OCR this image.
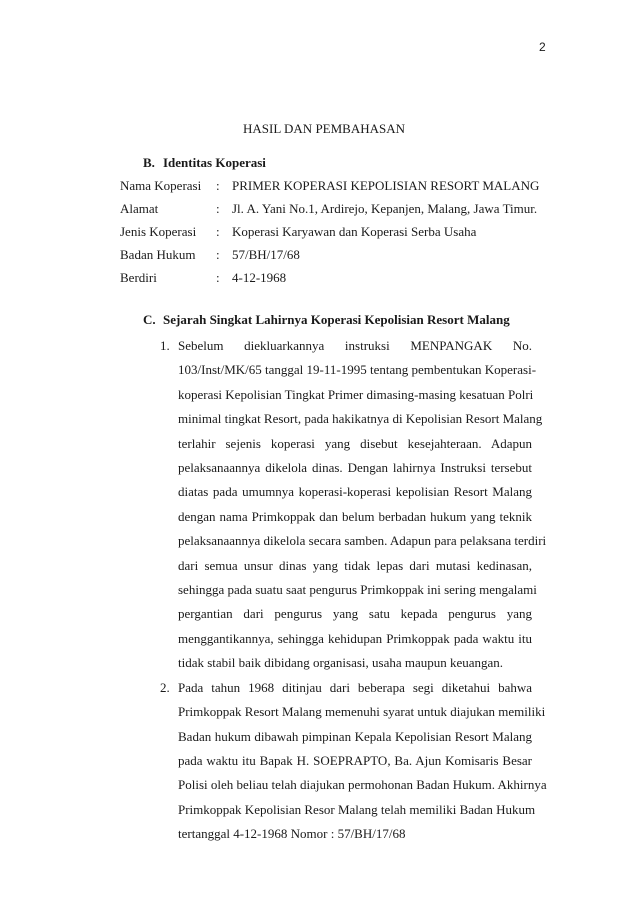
2
HASIL DAN PEMBAHASAN
B. Identitas Koperasi
Nama Koperasi : PRIMER KOPERASI KEPOLISIAN RESORT MALANG
Alamat	: Jl. A. Yani No.1, Ardirejo, Kepanjen, Malang, Jawa Timur.
Jenis Koperasi : Koperasi Karyawan dan Koperasi Serba Usaha
Badan Hukum : 57/BH/17/68
Berdiri	: 4-12-1968
C. Sejarah Singkat Lahirnya Koperasi Kepolisian Resort Malang
1. Sebelum diekluarkannya instruksi MENPANGAK No.
103/Inst/MK/65 tanggal 19-11-1995 tentang pembentukan Koperasi-
koperasi Kepolisian Tingkat Primer dimasing-masing kesatuan Polri
minimal tingkat Resort, pada hakikatnya di Kepolisian Resort Malang
terlahir sejenis koperasi yang disebut kesejahteraan. Adapun
pelaksanaannya dikelola dinas. Dengan lahirnya Instruksi tersebut
diatas pada umumnya koperasi-koperasi kepolisian Resort Malang
dengan nama Primkoppak dan belum berbadan hukum yang teknik
pelaksanaannya dikelola secara samben. Adapun para pelaksana terdiri
dari semua unsur dinas yang tidak lepas dari mutasi kedinasan,
sehingga pada suatu saat pengurus Primkoppak ini sering mengalami
pergantian dari pengurus yang satu kepada pengurus yang
menggantikannya, sehingga kehidupan Primkoppak pada waktu itu
tidak stabil baik dibidang organisasi, usaha maupun keuangan.

2. Pada tahun 1968 ditinjau dari beberapa segi diketahui bahwa
Primkoppak Resort Malang memenuhi syarat untuk diajukan memiliki
Badan hukum dibawah pimpinan Kepala Kepolisian Resort Malang
pada waktu itu Bapak H. SOEPRAPTO, Ba. Ajun Komisaris Besar
Polisi oleh beliau telah diajukan permohonan Badan Hukum. Akhirnya
Primkoppak Kepolisian Resor Malang telah memiliki Badan Hukum
tertanggal 4-12-1968 Nomor : 57/BH/17/68
